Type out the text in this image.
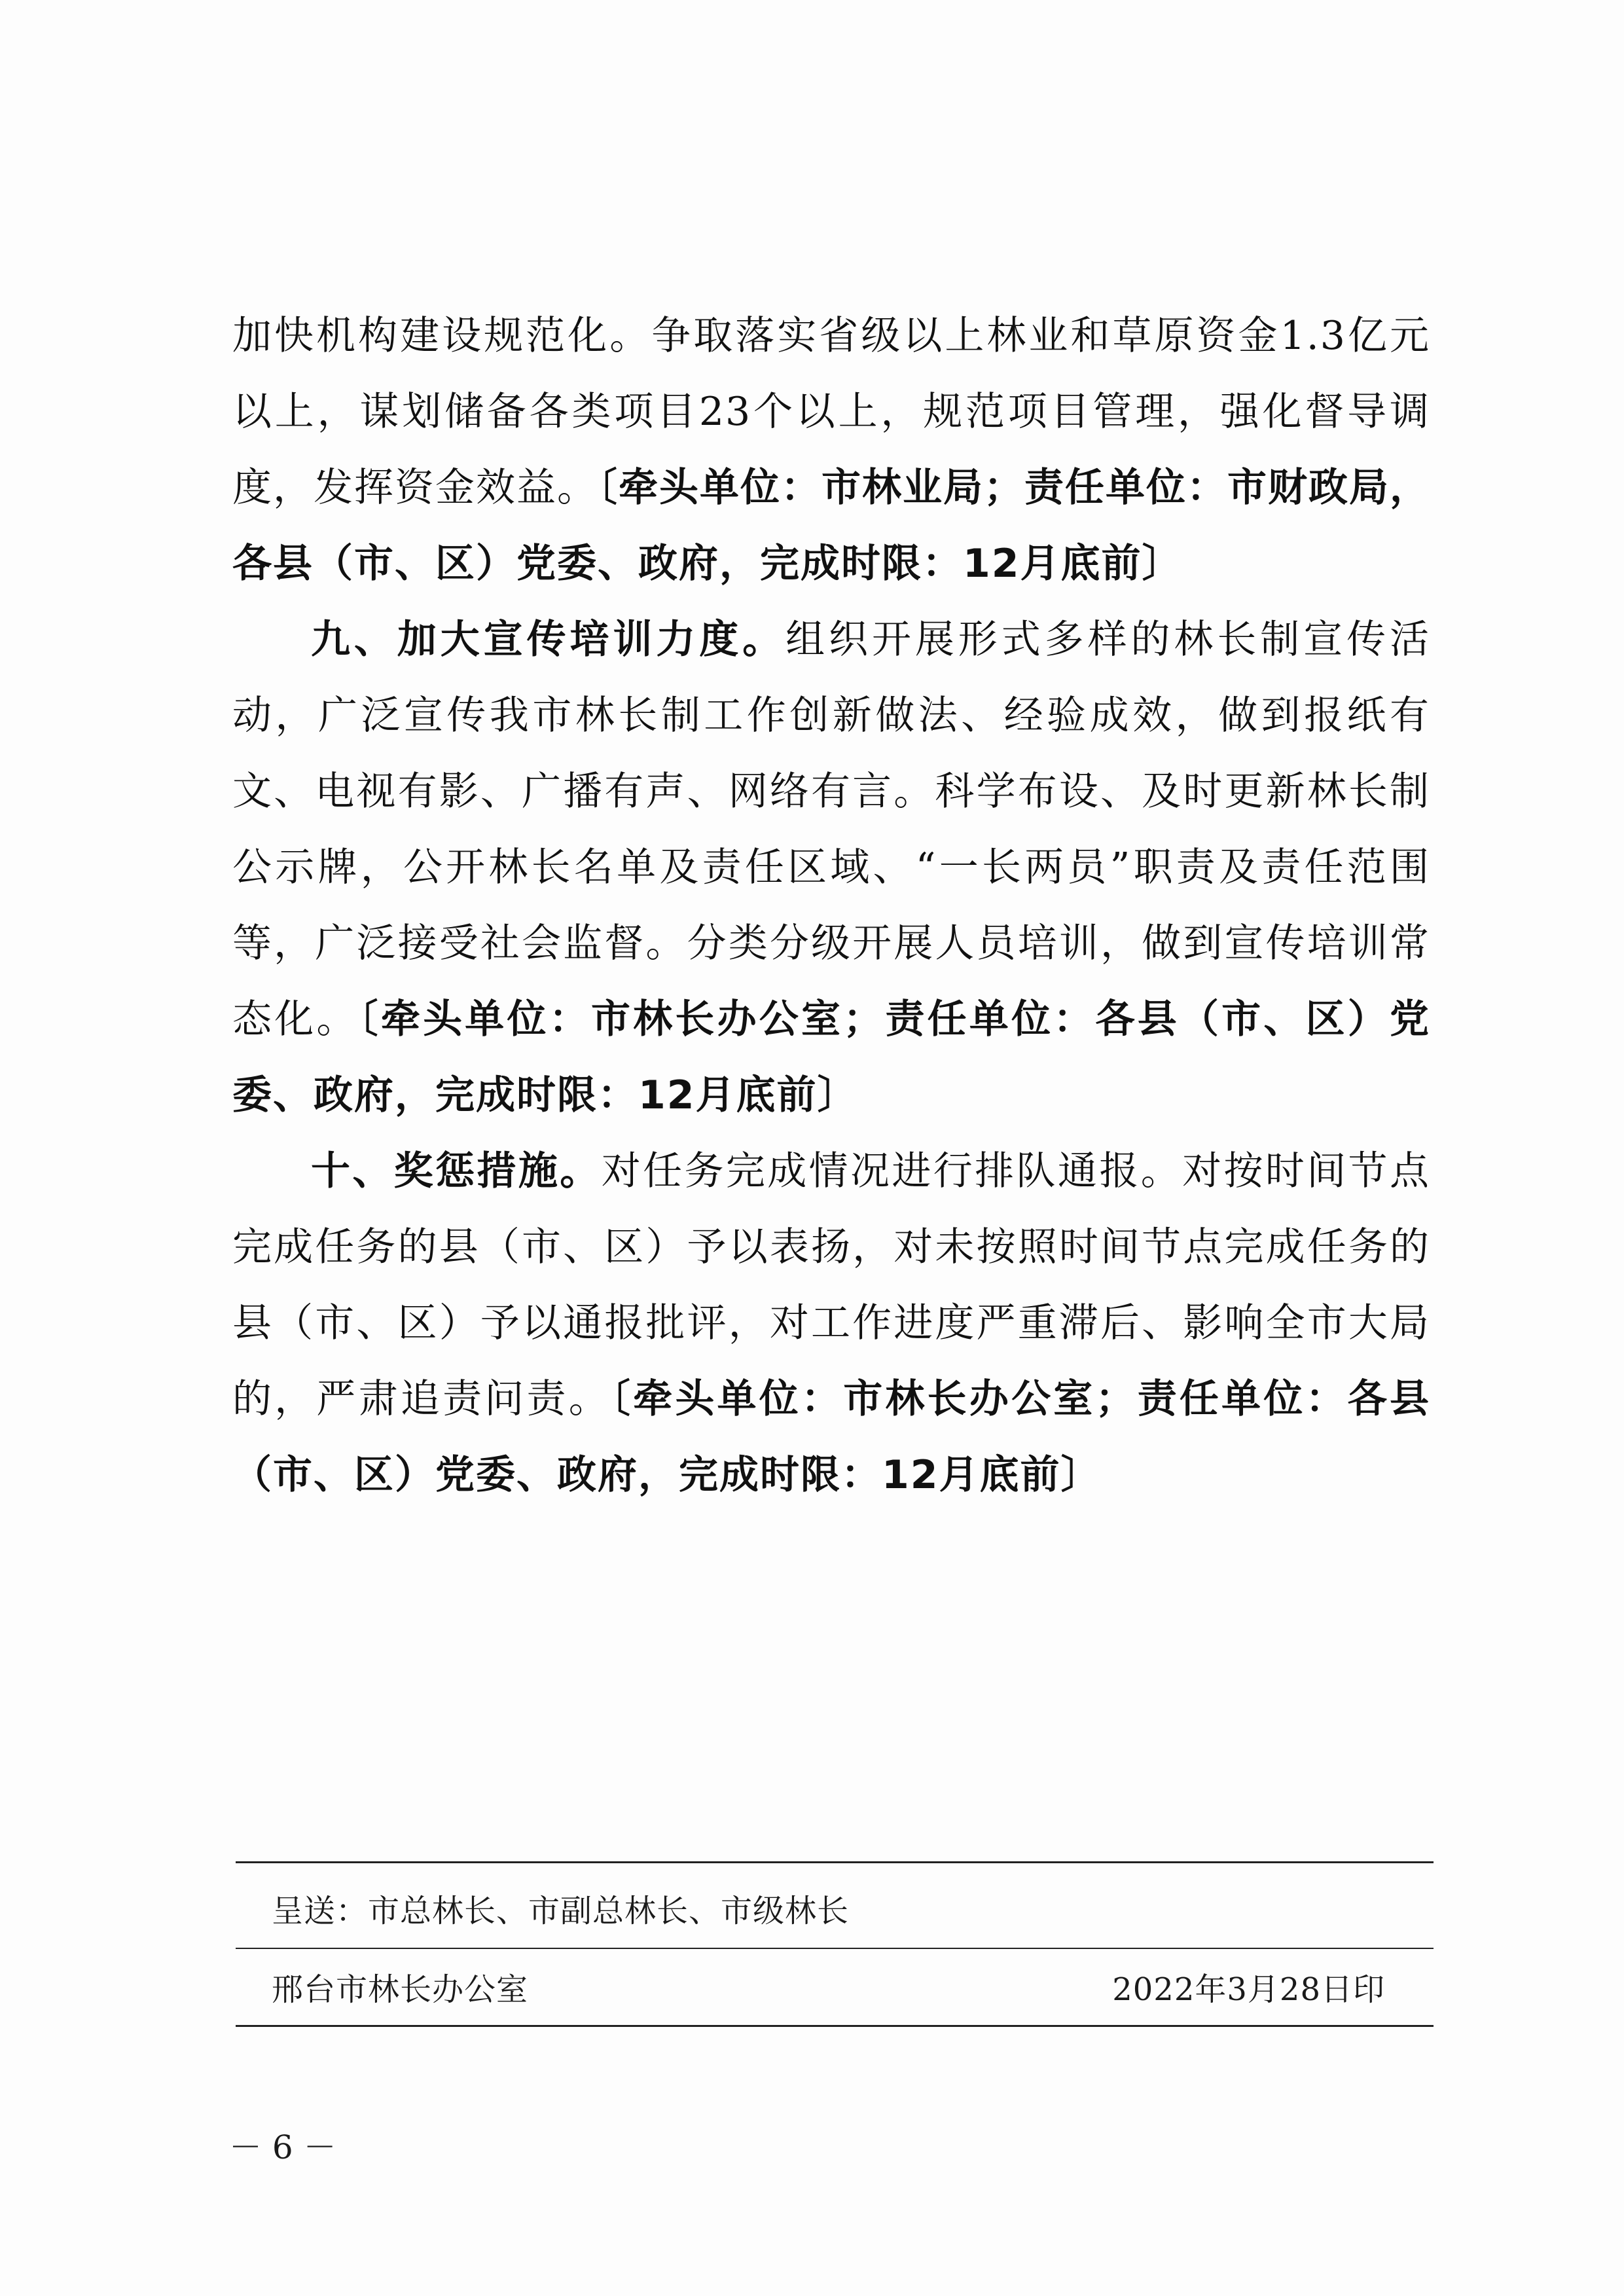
加快机构建设规范化。争取落实省级以上林业和草原资金1.3亿元以上，谋划储备各类项目23个以上，规范项目管理，强化督导调度，发挥资金效益。〔牵头单位：市林业局；责任单位：市财政局，各县（市、区）党委、政府，完成时限：12月底前〕

九、加大宣传培训力度。组织开展形式多样的林长制宣传活动，广泛宣传我市林长制工作创新做法、经验成效，做到报纸有文、电视有影、广播有声、网络有言。科学布设、及时更新林长制公示牌，公开林长名单及责任区域、“一长两员”职责及责任范围等，广泛接受社会监督。分类分级开展人员培训，做到宣传培训常态化。〔牵头单位：市林长办公室；责任单位：各县（市、区）党委、政府，完成时限：12月底前〕

十、奖惩措施。对任务完成情况进行排队通报。对按时间节点完成任务的县（市、区）予以表扬，对未按照时间节点完成任务的县（市、区）予以通报批评，对工作进度严重滞后、影响全市大局的，严肃追责问责。〔牵头单位：市林长办公室；责任单位：各县（市、区）党委、政府，完成时限：12月底前〕

呈送：市总林长、市副总林长、市级林长
邢台市林长办公室	2022年3月28日印
－ 6 －
